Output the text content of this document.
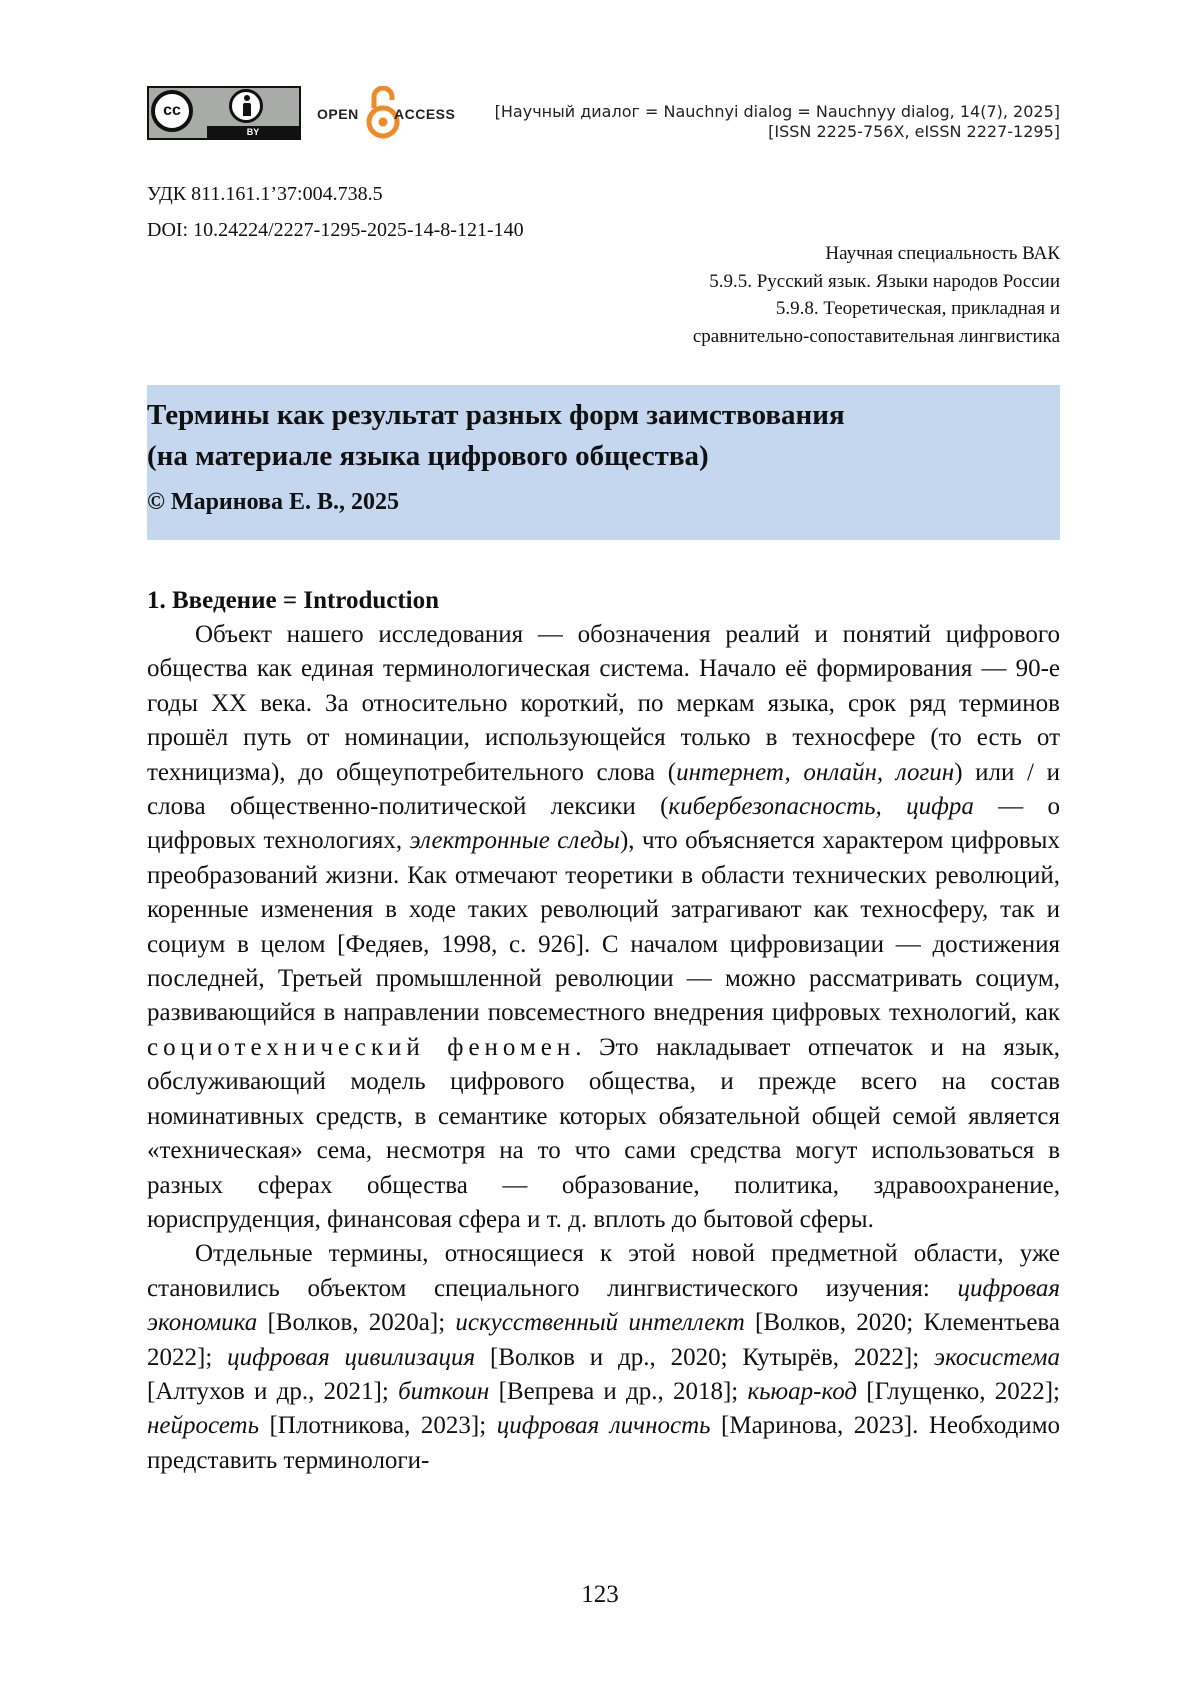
cc
BY
OPEN	ACCESS [Научный диалог = Nauchnyi dialog = Nauchnyy dialog, 14(7), 2025]
[ISSN 2225-756X, eISSN 2227-1295]
УДК 811.161.1’37:004.738.5
DOI: 10.24224/2227-1295-2025-14-8-121-140
Научная специальность ВАК
5.9.5. Русский язык. Языки народов России
5.9.8. Теоретическая, прикладная и
сравнительно-сопоставительная лингвистика
Термины как результат разных форм заимствования
(на материале языка цифрового общества)
© Маринова Е. В., 2025
1. Введение = Introduction

Объект нашего исследования — обозначения реалий и понятий цифрового общества как единая терминологическая система. Начало её формирования — 90-е годы XX века. За относительно короткий, по меркам языка, срок ряд терминов прошёл путь от номинации, использующейся только в техносфере (то есть от техницизма), до общеупотребительного слова (интернет, онлайн, логин) или / и слова общественно-политической лексики (кибербезопасность, цифра — о цифровых технологиях, электронные следы), что объясняется характером цифровых преобразований жизни. Как отмечают теоретики в области технических революций, коренные изменения в ходе таких революций затрагивают как техносферу, так и социум в целом [Федяев, 1998, с. 926]. С началом цифровизации — достижения последней, Третьей промышленной революции — можно рассматривать социум, развивающийся в направлении повсеместного внедрения цифровых технологий, как социотехнический феномен. Это накладывает отпечаток и на язык, обслуживающий модель цифрового общества, и прежде всего на состав номинативных средств, в семантике которых обязательной общей семой является «техническая» сема, несмотря на то что сами средства могут использоваться в разных сферах общества — образование, политика, здравоохранение, юриспруденция, финансовая сфера и т. д. вплоть до бытовой сферы.

Отдельные термины, относящиеся к этой новой предметной области, уже становились объектом специального лингвистического изучения: цифровая экономика [Волков, 2020a]; искусственный интеллект [Волков, 2020; Клементьева 2022]; цифровая цивилизация [Волков и др., 2020; Кутырёв, 2022]; экосистема [Алтухов и др., 2021]; биткоин [Вепрева и др., 2018]; кьюар-код [Глущенко, 2022]; нейросеть [Плотникова, 2023]; цифровая личность [Маринова, 2023]. Необходимо представить терминологи-

123
